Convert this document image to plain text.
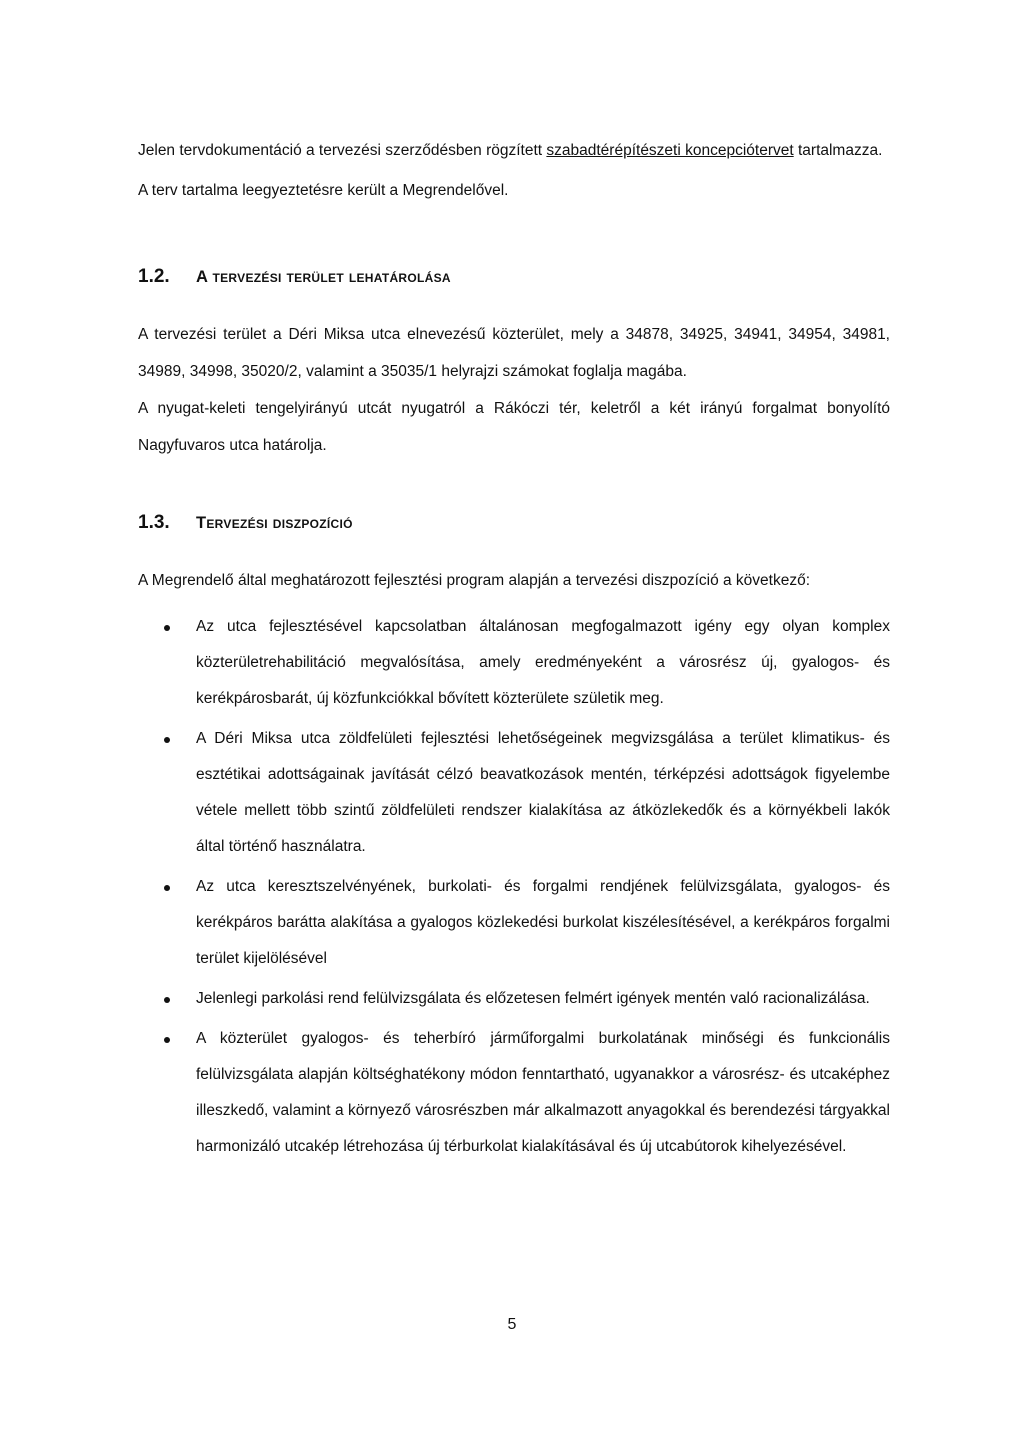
Jelen tervdokumentáció a tervezési szerződésben rögzített szabadtérépítészeti koncepciótervet tartalmazza.

A terv tartalma leegyeztetésre került a Megrendelővel.

1.2.	A tervezési terület lehatárolása

A tervezési terület a Déri Miksa utca elnevezésű közterület, mely a 34878, 34925, 34941, 34954, 34981, 34989, 34998, 35020/2, valamint a 35035/1 helyrajzi számokat foglalja magába.

A nyugat-keleti tengelyirányú utcát nyugatról a Rákóczi tér, keletről a két irányú forgalmat bonyolító Nagyfuvaros utca határolja.

1.3.	Tervezési diszpozíció

A Megrendelő által meghatározott fejlesztési program alapján a tervezési diszpozíció a következő:

Az utca fejlesztésével kapcsolatban általánosan megfogalmazott igény egy olyan komplex közterületrehabilitáció megvalósítása, amely eredményeként a városrész új, gyalogos- és kerékpárosbarát, új közfunkciókkal bővített közterülete születik meg.
A Déri Miksa utca zöldfelületi fejlesztési lehetőségeinek megvizsgálása a terület klimatikus- és esztétikai adottságainak javítását célzó beavatkozások mentén, térképzési adottságok figyelembe vétele mellett több szintű zöldfelületi rendszer kialakítása az átközlekedők és a környékbeli lakók által történő használatra.
Az utca keresztszelvényének, burkolati- és forgalmi rendjének felülvizsgálata, gyalogos- és kerékpáros barátta alakítása a gyalogos közlekedési burkolat kiszélesítésével, a kerékpáros forgalmi terület kijelölésével
Jelenlegi parkolási rend felülvizsgálata és előzetesen felmért igények mentén való racionalizálása.
A közterület gyalogos- és teherbíró járműforgalmi burkolatának minőségi és funkcionális felülvizsgálata alapján költséghatékony módon fenntartható, ugyanakkor a városrész- és utcaképhez illeszkedő, valamint a környező városrészben már alkalmazott anyagokkal és berendezési tárgyakkal harmonizáló utcakép létrehozása új térburkolat kialakításával és új utcabútorok kihelyezésével.
5
